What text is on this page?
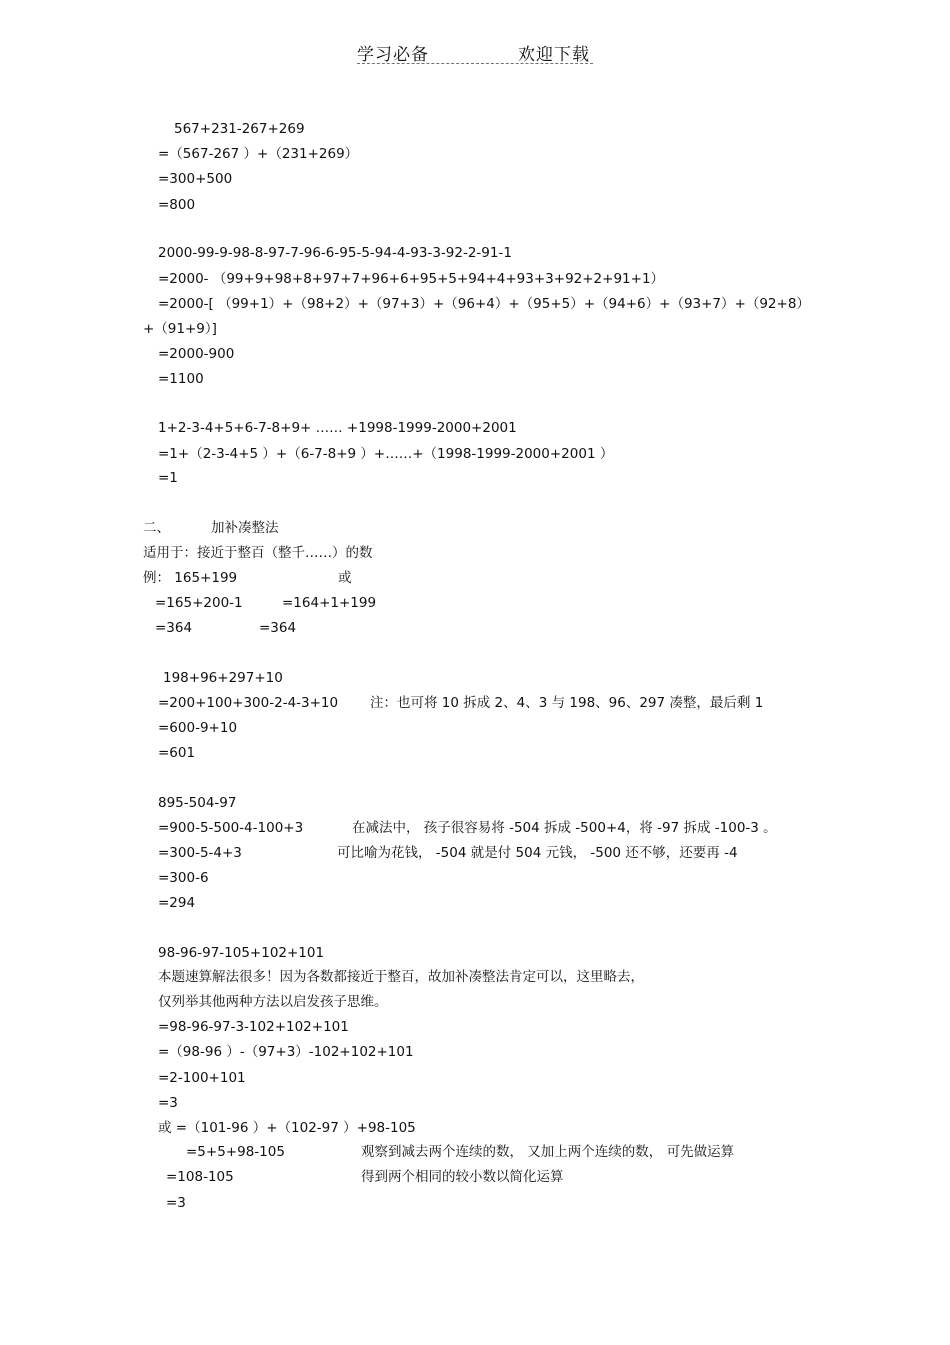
学习必备	欢迎下载
567+231-267+269
=（567-267 ）+（231+269）
=300+500
=800
2000-99-9-98-8-97-7-96-6-95-5-94-4-93-3-92-2-91-1
=2000- （99+9+98+8+97+7+96+6+95+5+94+4+93+3+92+2+91+1）
=2000-[ （99+1）+（98+2）+（97+3）+（96+4）+（95+5）+（94+6）+（93+7）+（92+8）
+（91+9）]
=2000-900
=1100
1+2-3-4+5+6-7-8+9+ …… +1998-1999-2000+2001
=1+（2-3-4+5 ）+（6-7-8+9 ）+……+（1998-1999-2000+2001 ）
=1
二、	加补凑整法
适用于：接近于整百（整千……）的数
例： 165+199	或
=165+200-1	=164+1+199
=364	=364
198+96+297+10
=200+100+300-2-4-3+10 注：也可将 10 拆成 2、4、3 与 198、96、297 凑整，最后剩 1
=600-9+10
=601
895-504-97
=900-5-500-4-100+3	在减法中， 孩子很容易将 -504 拆成 -500+4，将 -97 拆成 -100-3 。
=300-5-4+3	可比喻为花钱， -504 就是付 504 元钱， -500 还不够，还要再 -4
=300-6
=294
98-96-97-105+102+101
本题速算解法很多！因为各数都接近于整百，故加补凑整法肯定可以，这里略去，
仅列举其他两种方法以启发孩子思维。
=98-96-97-3-102+102+101
=（98-96 ）-（97+3）-102+102+101
=2-100+101
=3
或 =（101-96 ）+（102-97 ）+98-105
=5+5+98-105	观察到减去两个连续的数， 又加上两个连续的数， 可先做运算
=108-105	得到两个相同的较小数以简化运算
=3
